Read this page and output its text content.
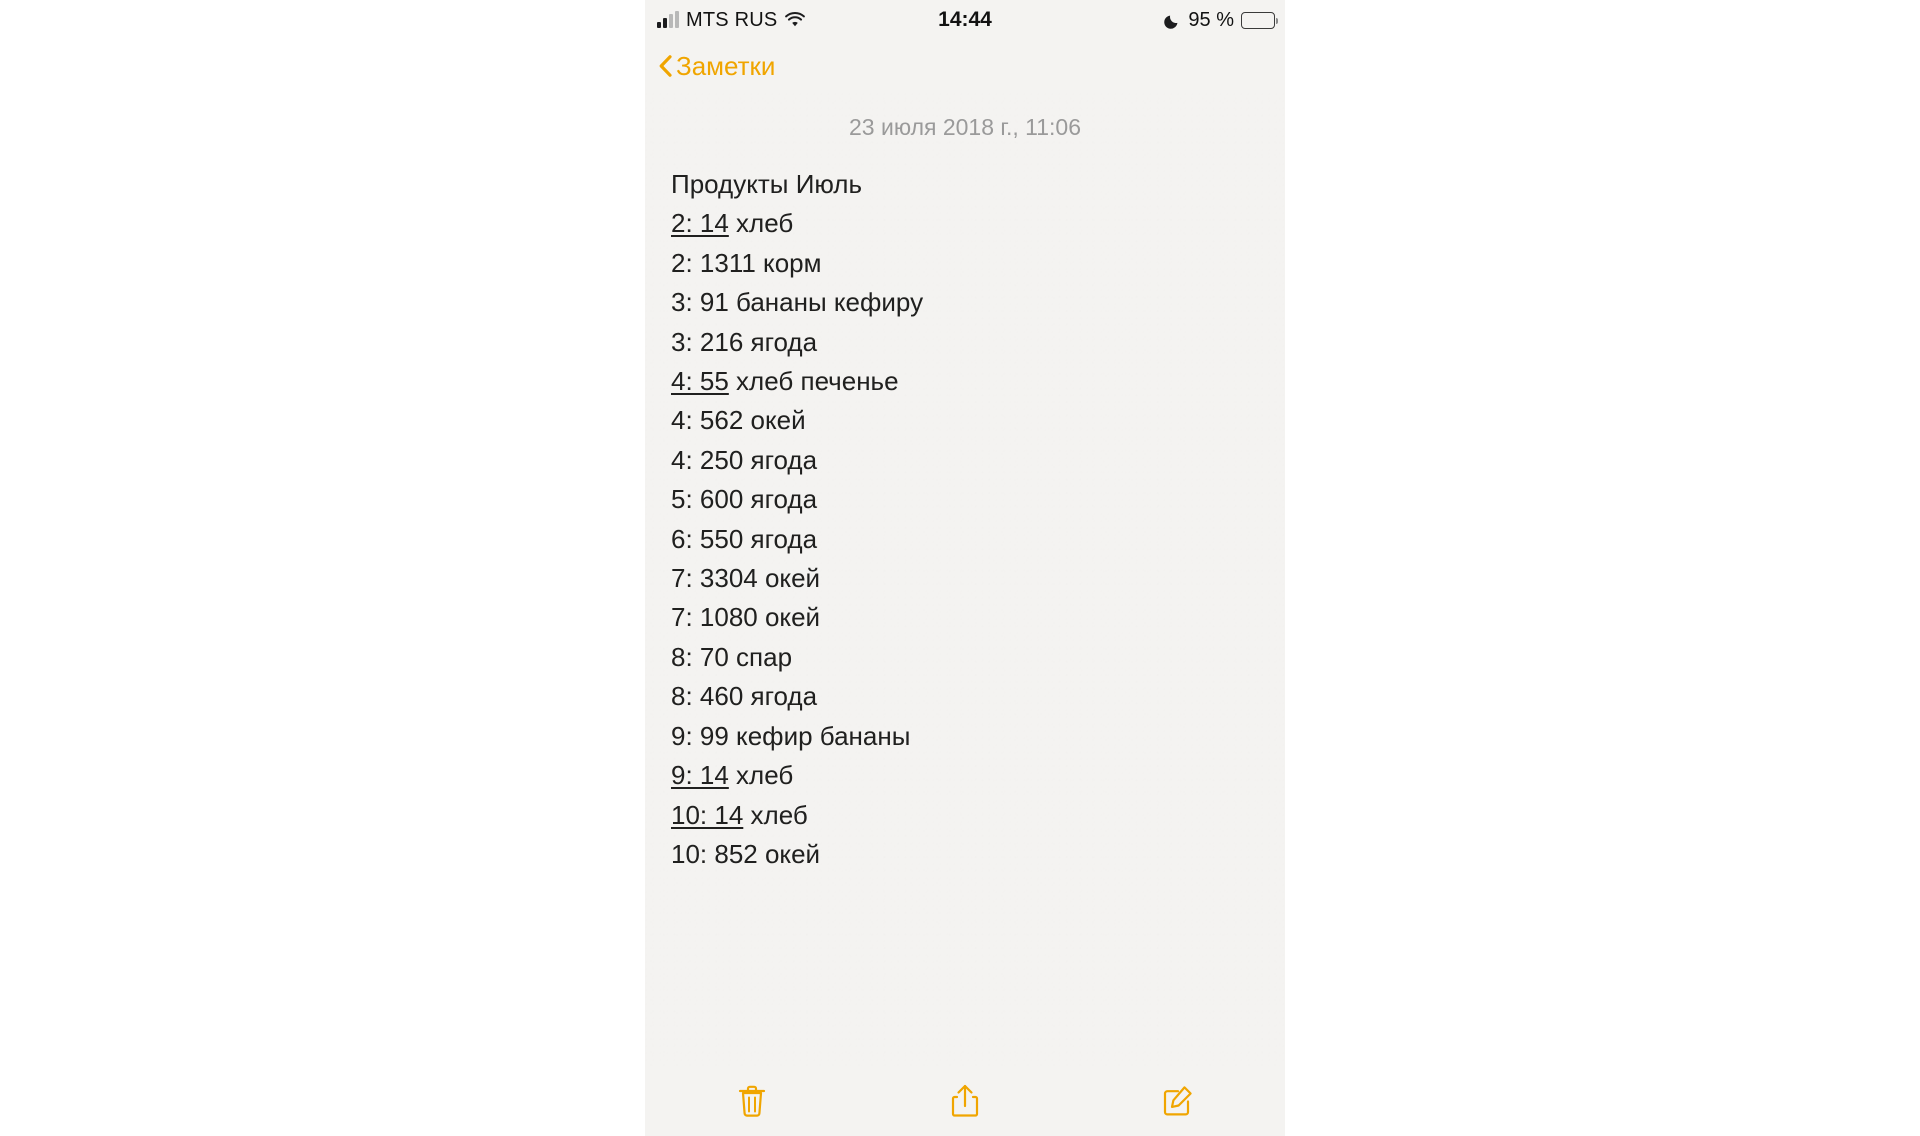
MTS RUS	14:44	95 %
Заметки
23 июля 2018 г., 11:06
Продукты Июль
2: 14 хлеб
2: 1311 корм
3: 91 бананы кефиру
3: 216 ягода
4: 55 хлеб печенье
4: 562 окей
4: 250 ягода
5: 600 ягода
6: 550 ягода
7: 3304 окей
7: 1080 окей
8: 70 спар
8: 460 ягода
9: 99 кефир бананы
9: 14 хлеб
10: 14 хлеб
10: 852 окей
